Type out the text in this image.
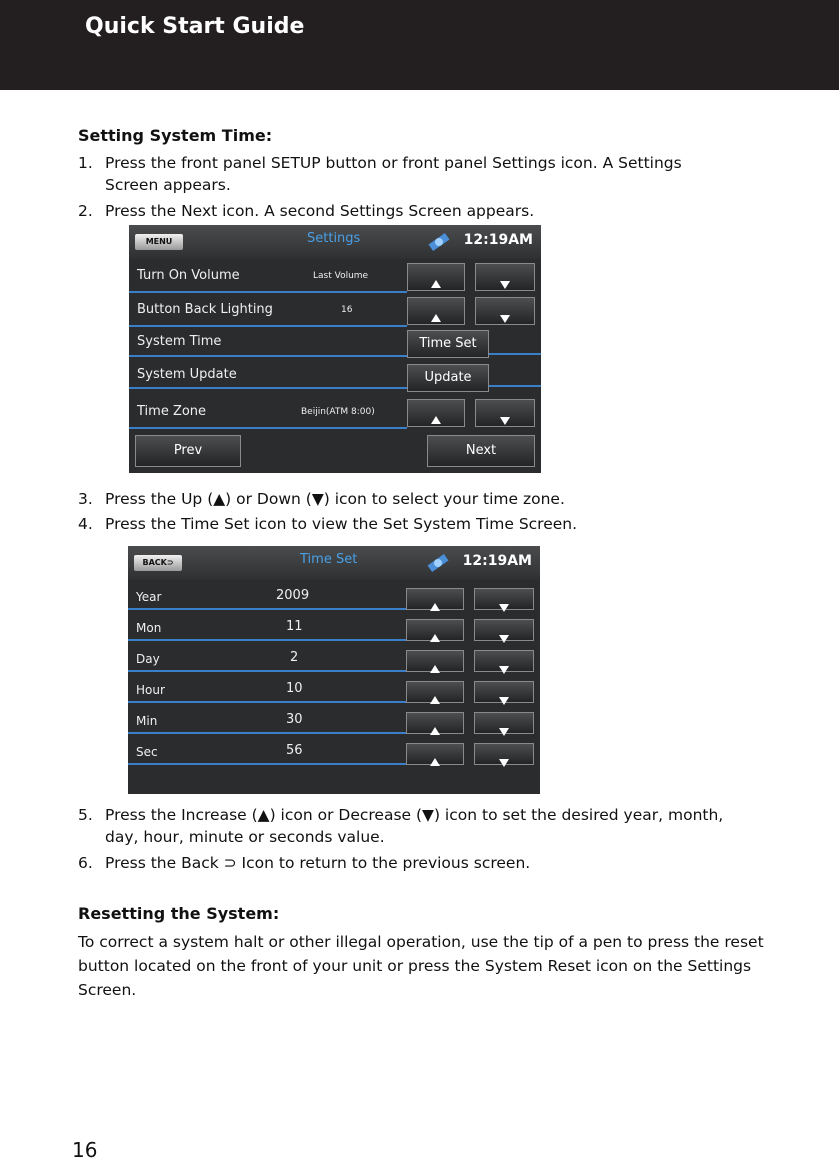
Quick Start Guide
Setting System Time:
1. Press the front panel SETUP button or front panel Settings icon. A Settings
Screen appears.
2. Press the Next icon. A second Settings Screen appears.
MENU	Settings	12:19AM
Turn On Volume	Last Volume
Button Back Lighting	16
System Time	Time Set
System Update	Update
Time Zone	Beijin(ATM 8:00)
Prev	Next
3. Press the Up (▲) or Down (▼) icon to select your time zone.
4. Press the Time Set icon to view the Set System Time Screen.
BACK⊃	Time Set	12:19AM
Year	2009
Mon	11
Day	2
Hour	10
Min	30
Sec	56
5. Press the Increase (▲) icon or Decrease (▼) icon to set the desired year, month,
day, hour, minute or seconds value.
6. Press the Back ⊃ Icon to return to the previous screen.
Resetting the System:
To correct a system halt or other illegal operation, use the tip of a pen to press the reset button located on the front of your unit or press the System Reset icon on the Settings Screen.
16
